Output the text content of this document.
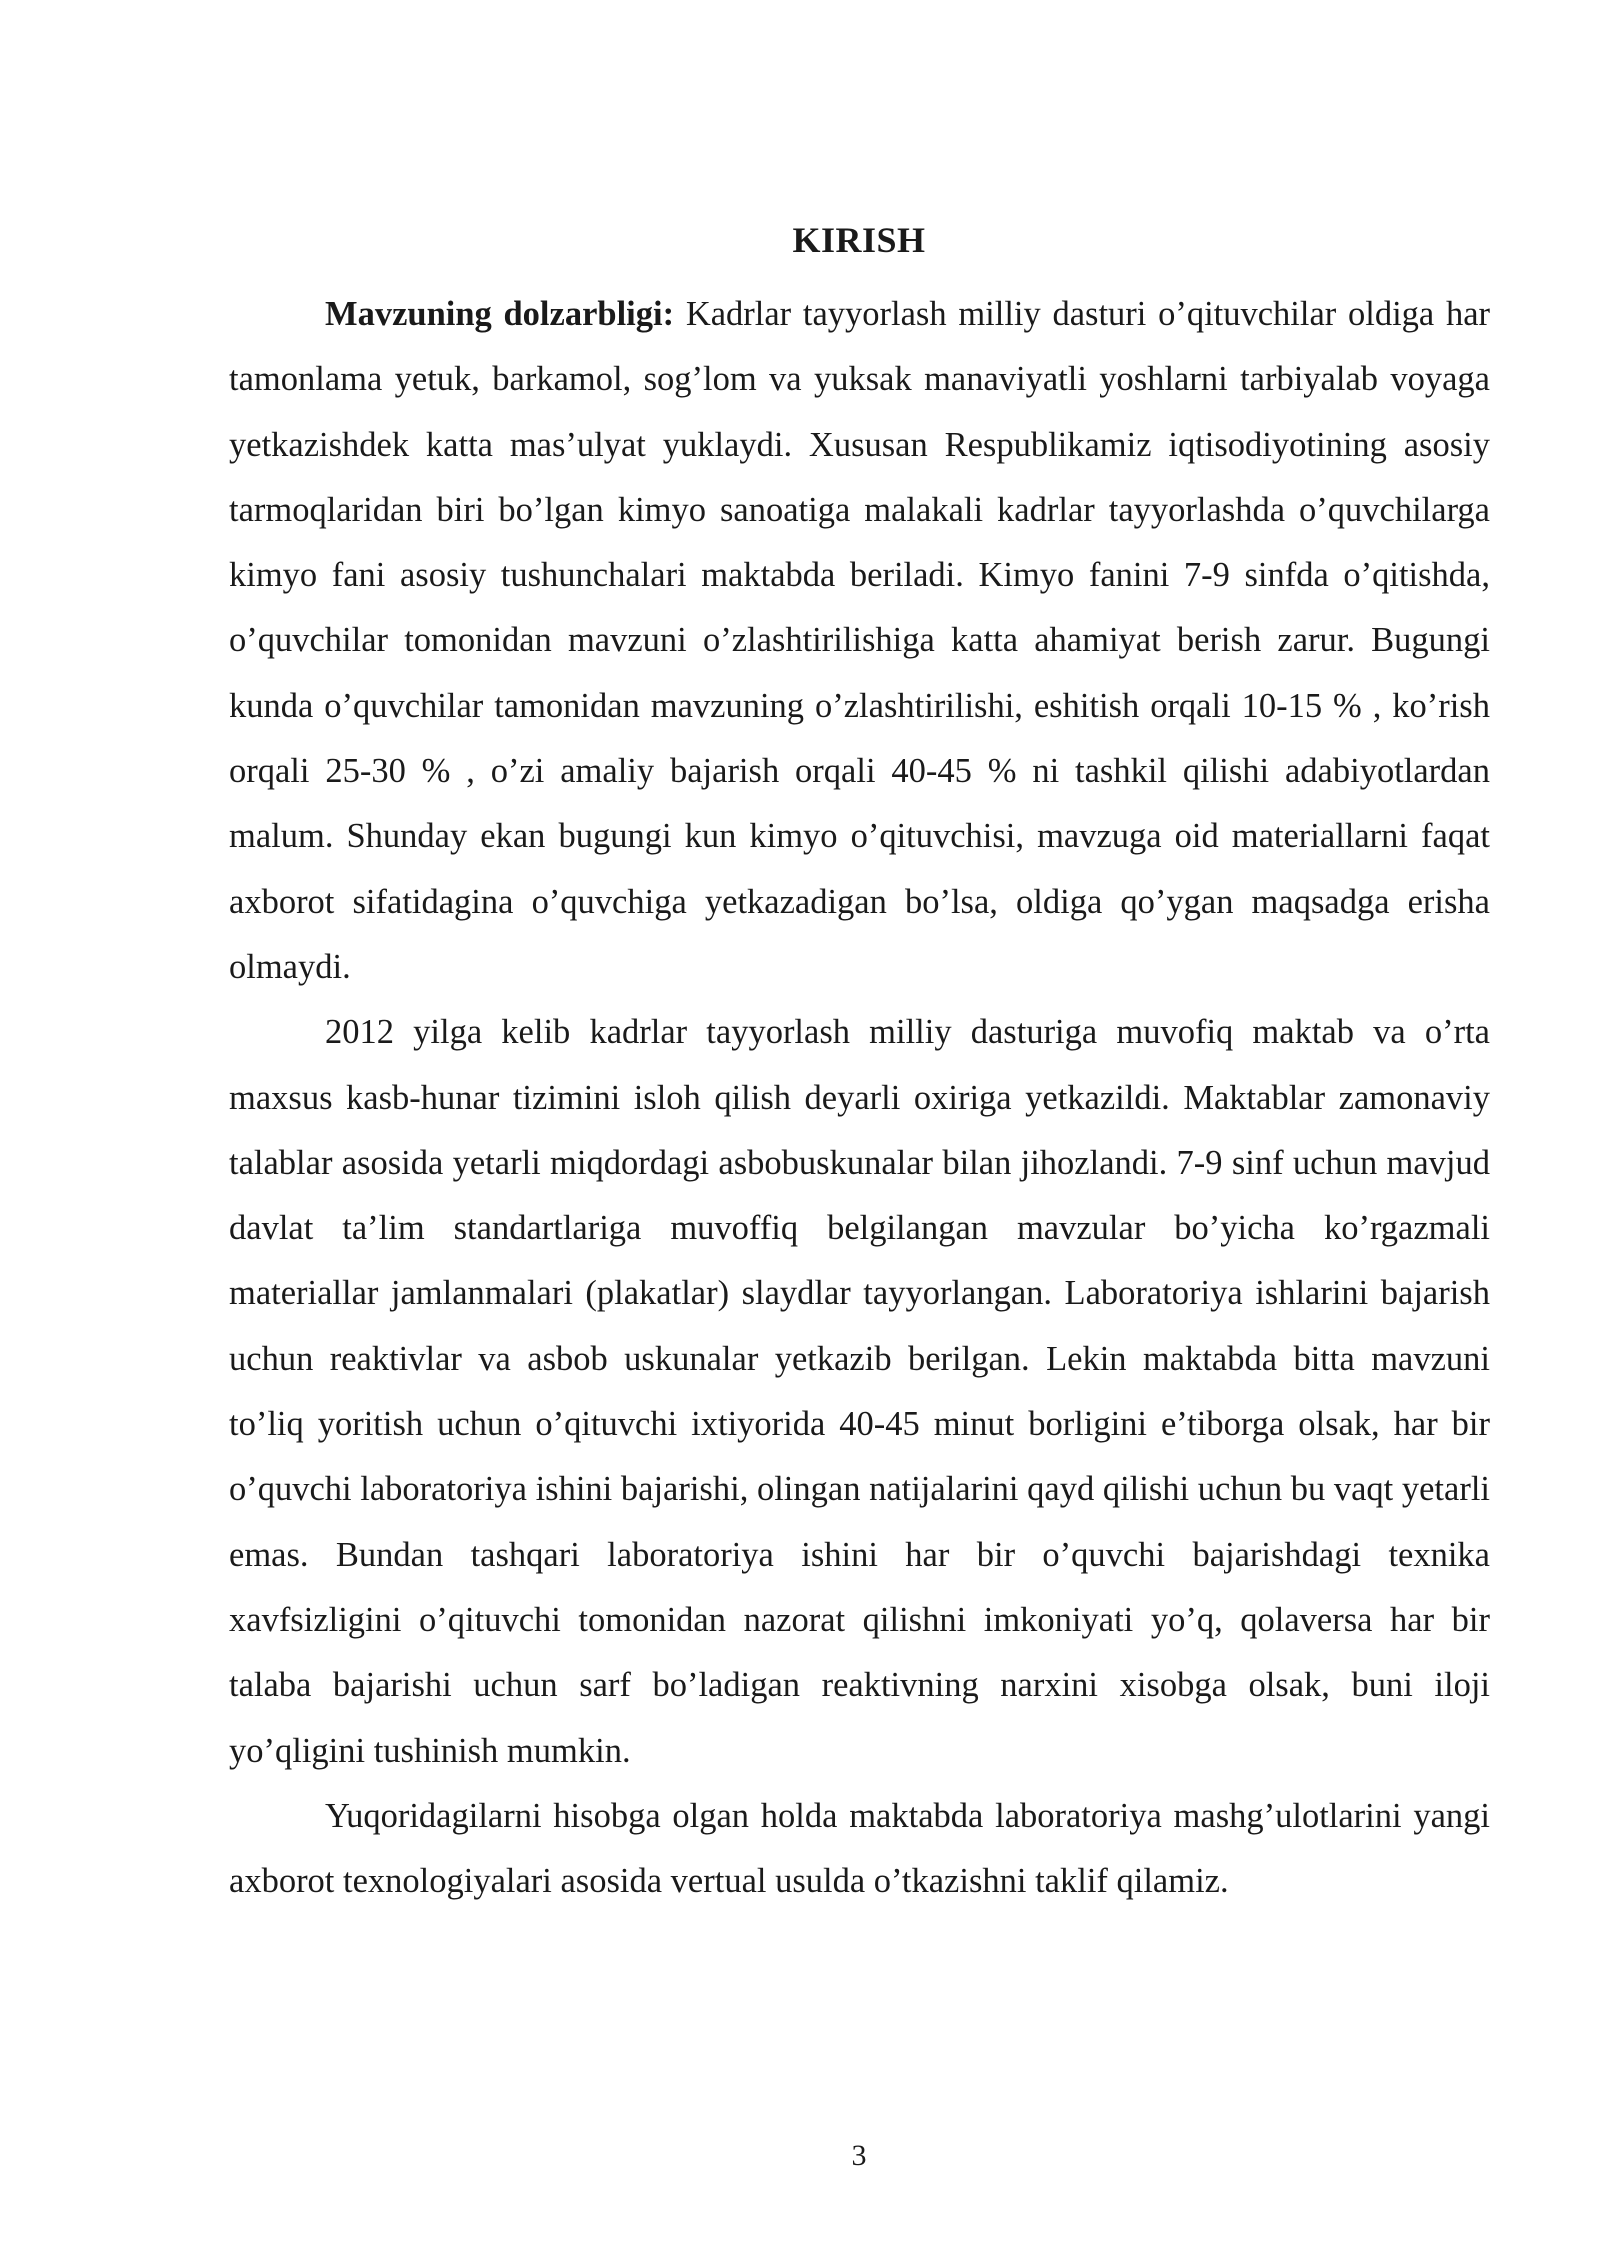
KIRISH

Mavzuning dolzarbligi: Kadrlar tayyorlash milliy dasturi o’qituvchilar oldiga har tamonlama yetuk, barkamol, sog’lom va yuksak manaviyatli yoshlarni tarbiyalab voyaga yetkazishdek katta mas’ulyat yuklaydi. Xususan Respublikamiz iqtisodiyotining asosiy tarmoqlaridan biri bo’lgan kimyo sanoatiga malakali kadrlar tayyorlashda o’quvchilarga kimyo fani asosiy tushunchalari maktabda beriladi. Kimyo fanini 7-9 sinfda o’qitishda, o’quvchilar tomonidan mavzuni o’zlashtirilishiga katta ahamiyat berish zarur. Bugungi kunda o’quvchilar tamonidan mavzuning o’zlashtirilishi, eshitish orqali 10-15 % , ko’rish orqali 25-30 % , o’zi amaliy bajarish orqali 40-45 % ni tashkil qilishi adabiyotlardan malum. Shunday ekan bugungi kun kimyo o’qituvchisi, mavzuga oid materiallarni faqat axborot sifatidagina o’quvchiga yetkazadigan bo’lsa, oldiga qo’ygan maqsadga erisha olmaydi.

2012 yilga kelib kadrlar tayyorlash milliy dasturiga muvofiq maktab va o’rta maxsus kasb-hunar tizimini isloh qilish deyarli oxiriga yetkazildi. Maktablar zamonaviy talablar asosida yetarli miqdordagi asbobuskunalar bilan jihozlandi. 7-9 sinf uchun mavjud davlat ta’lim standartlariga muvoffiq belgilangan mavzular bo’yicha ko’rgazmali materiallar jamlanmalari (plakatlar) slaydlar tayyorlangan. Laboratoriya ishlarini bajarish uchun reaktivlar va asbob uskunalar yetkazib berilgan. Lekin maktabda bitta mavzuni to’liq yoritish uchun o’qituvchi ixtiyorida 40-45 minut borligini e’tiborga olsak, har bir o’quvchi laboratoriya ishini bajarishi, olingan natijalarini qayd qilishi uchun bu vaqt yetarli emas. Bundan tashqari laboratoriya ishini har bir o’quvchi bajarishdagi texnika xavfsizligini o’qituvchi tomonidan nazorat qilishni imkoniyati yo’q, qolaversa har bir talaba bajarishi uchun sarf bo’ladigan reaktivning narxini xisobga olsak, buni iloji yo’qligini tushinish mumkin.

Yuqoridagilarni hisobga olgan holda maktabda laboratoriya mashg’ulotlarini yangi axborot texnologiyalari asosida vertual usulda o’tkazishni taklif qilamiz.

3
